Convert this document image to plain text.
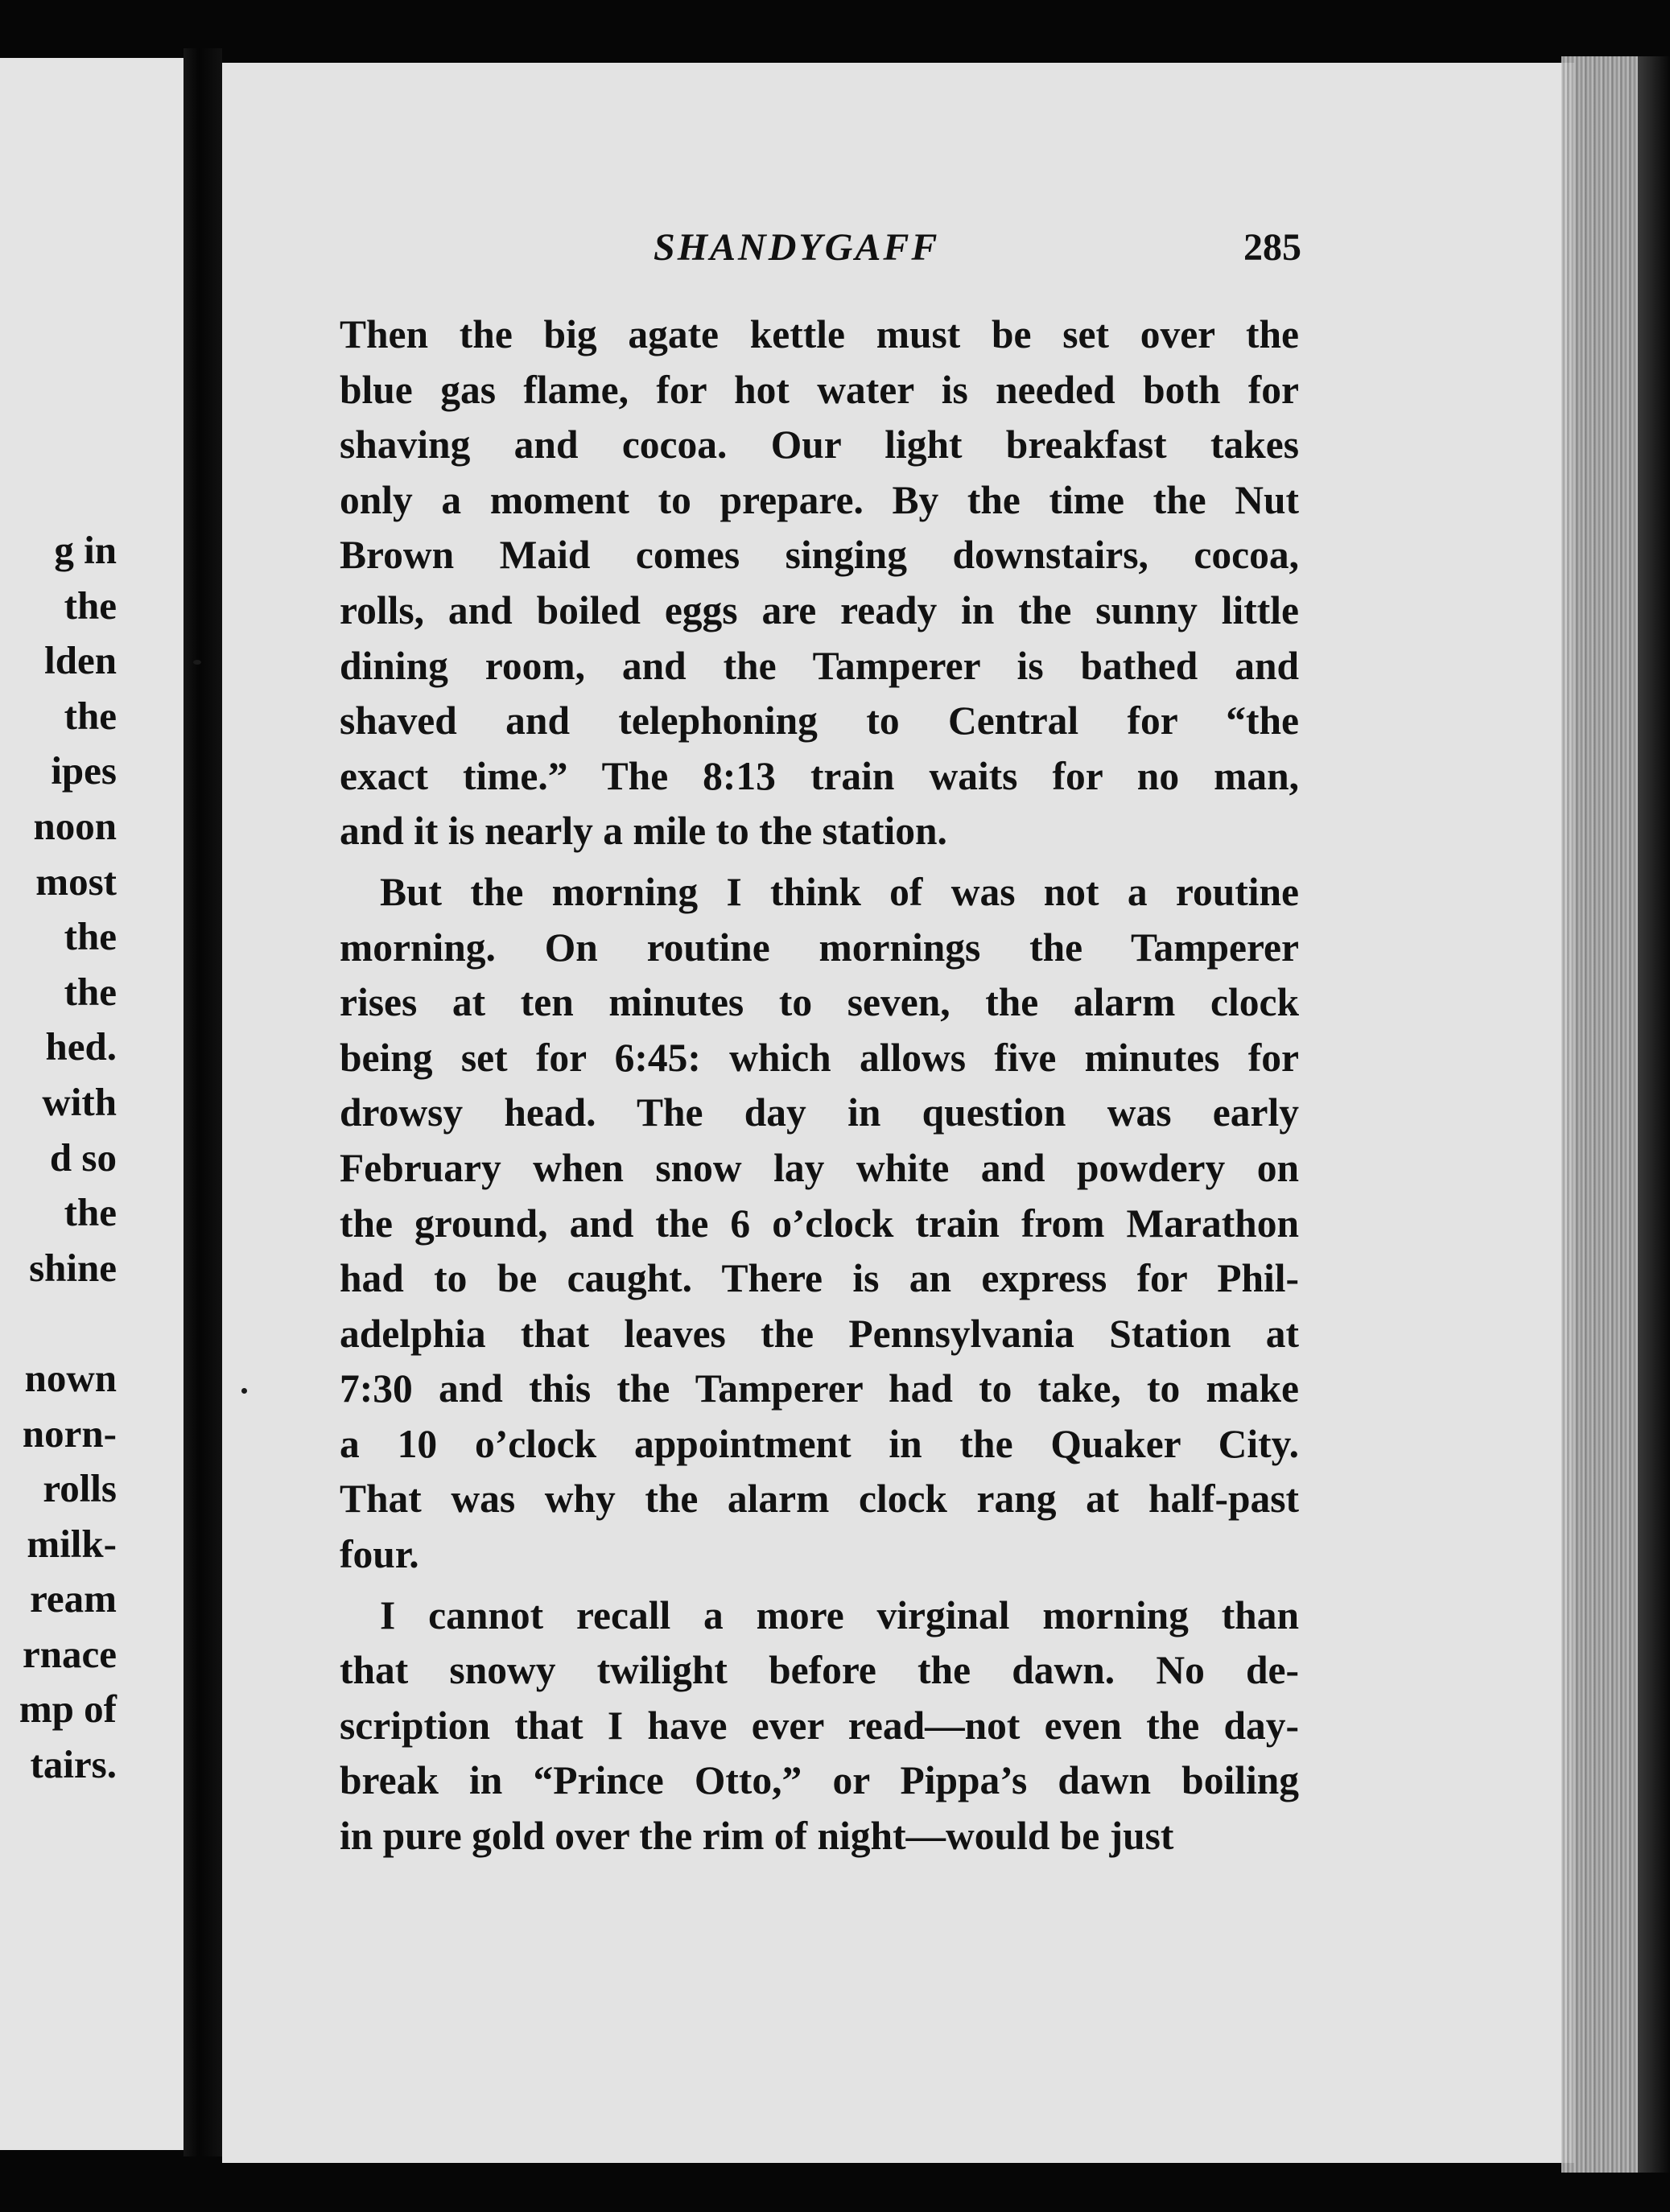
g in
the
lden
the
ipes
noon
most
the
the
hed.
with
d so
the
shine
nown
norn-
rolls
milk-
ream
rnace
mp of
tairs.
SHANDYGAFF	285
Then the big agate kettle must be set over the
blue gas flame, for hot water is needed both for
shaving and cocoa. Our light breakfast takes
only a moment to prepare. By the time the Nut
Brown Maid comes singing downstairs, cocoa,
rolls, and boiled eggs are ready in the sunny little
dining room, and the Tamperer is bathed and
shaved and telephoning to Central for “the
exact time.” The 8:13 train waits for no man,
and it is nearly a mile to the station.
But the morning I think of was not a routine
morning. On routine mornings the Tamperer
rises at ten minutes to seven, the alarm clock
being set for 6:45: which allows five minutes for
drowsy head. The day in question was early
February when snow lay white and powdery on
the ground, and the 6 o’clock train from Marathon
had to be caught. There is an express for Phil-
adelphia that leaves the Pennsylvania Station at
7:30 and this the Tamperer had to take, to make
a 10 o’clock appointment in the Quaker City.
That was why the alarm clock rang at half-past
four.
I cannot recall a more virginal morning than
that snowy twilight before the dawn. No de-
scription that I have ever read—not even the day-
break in “Prince Otto,” or Pippa’s dawn boiling
in pure gold over the rim of night—would be just
